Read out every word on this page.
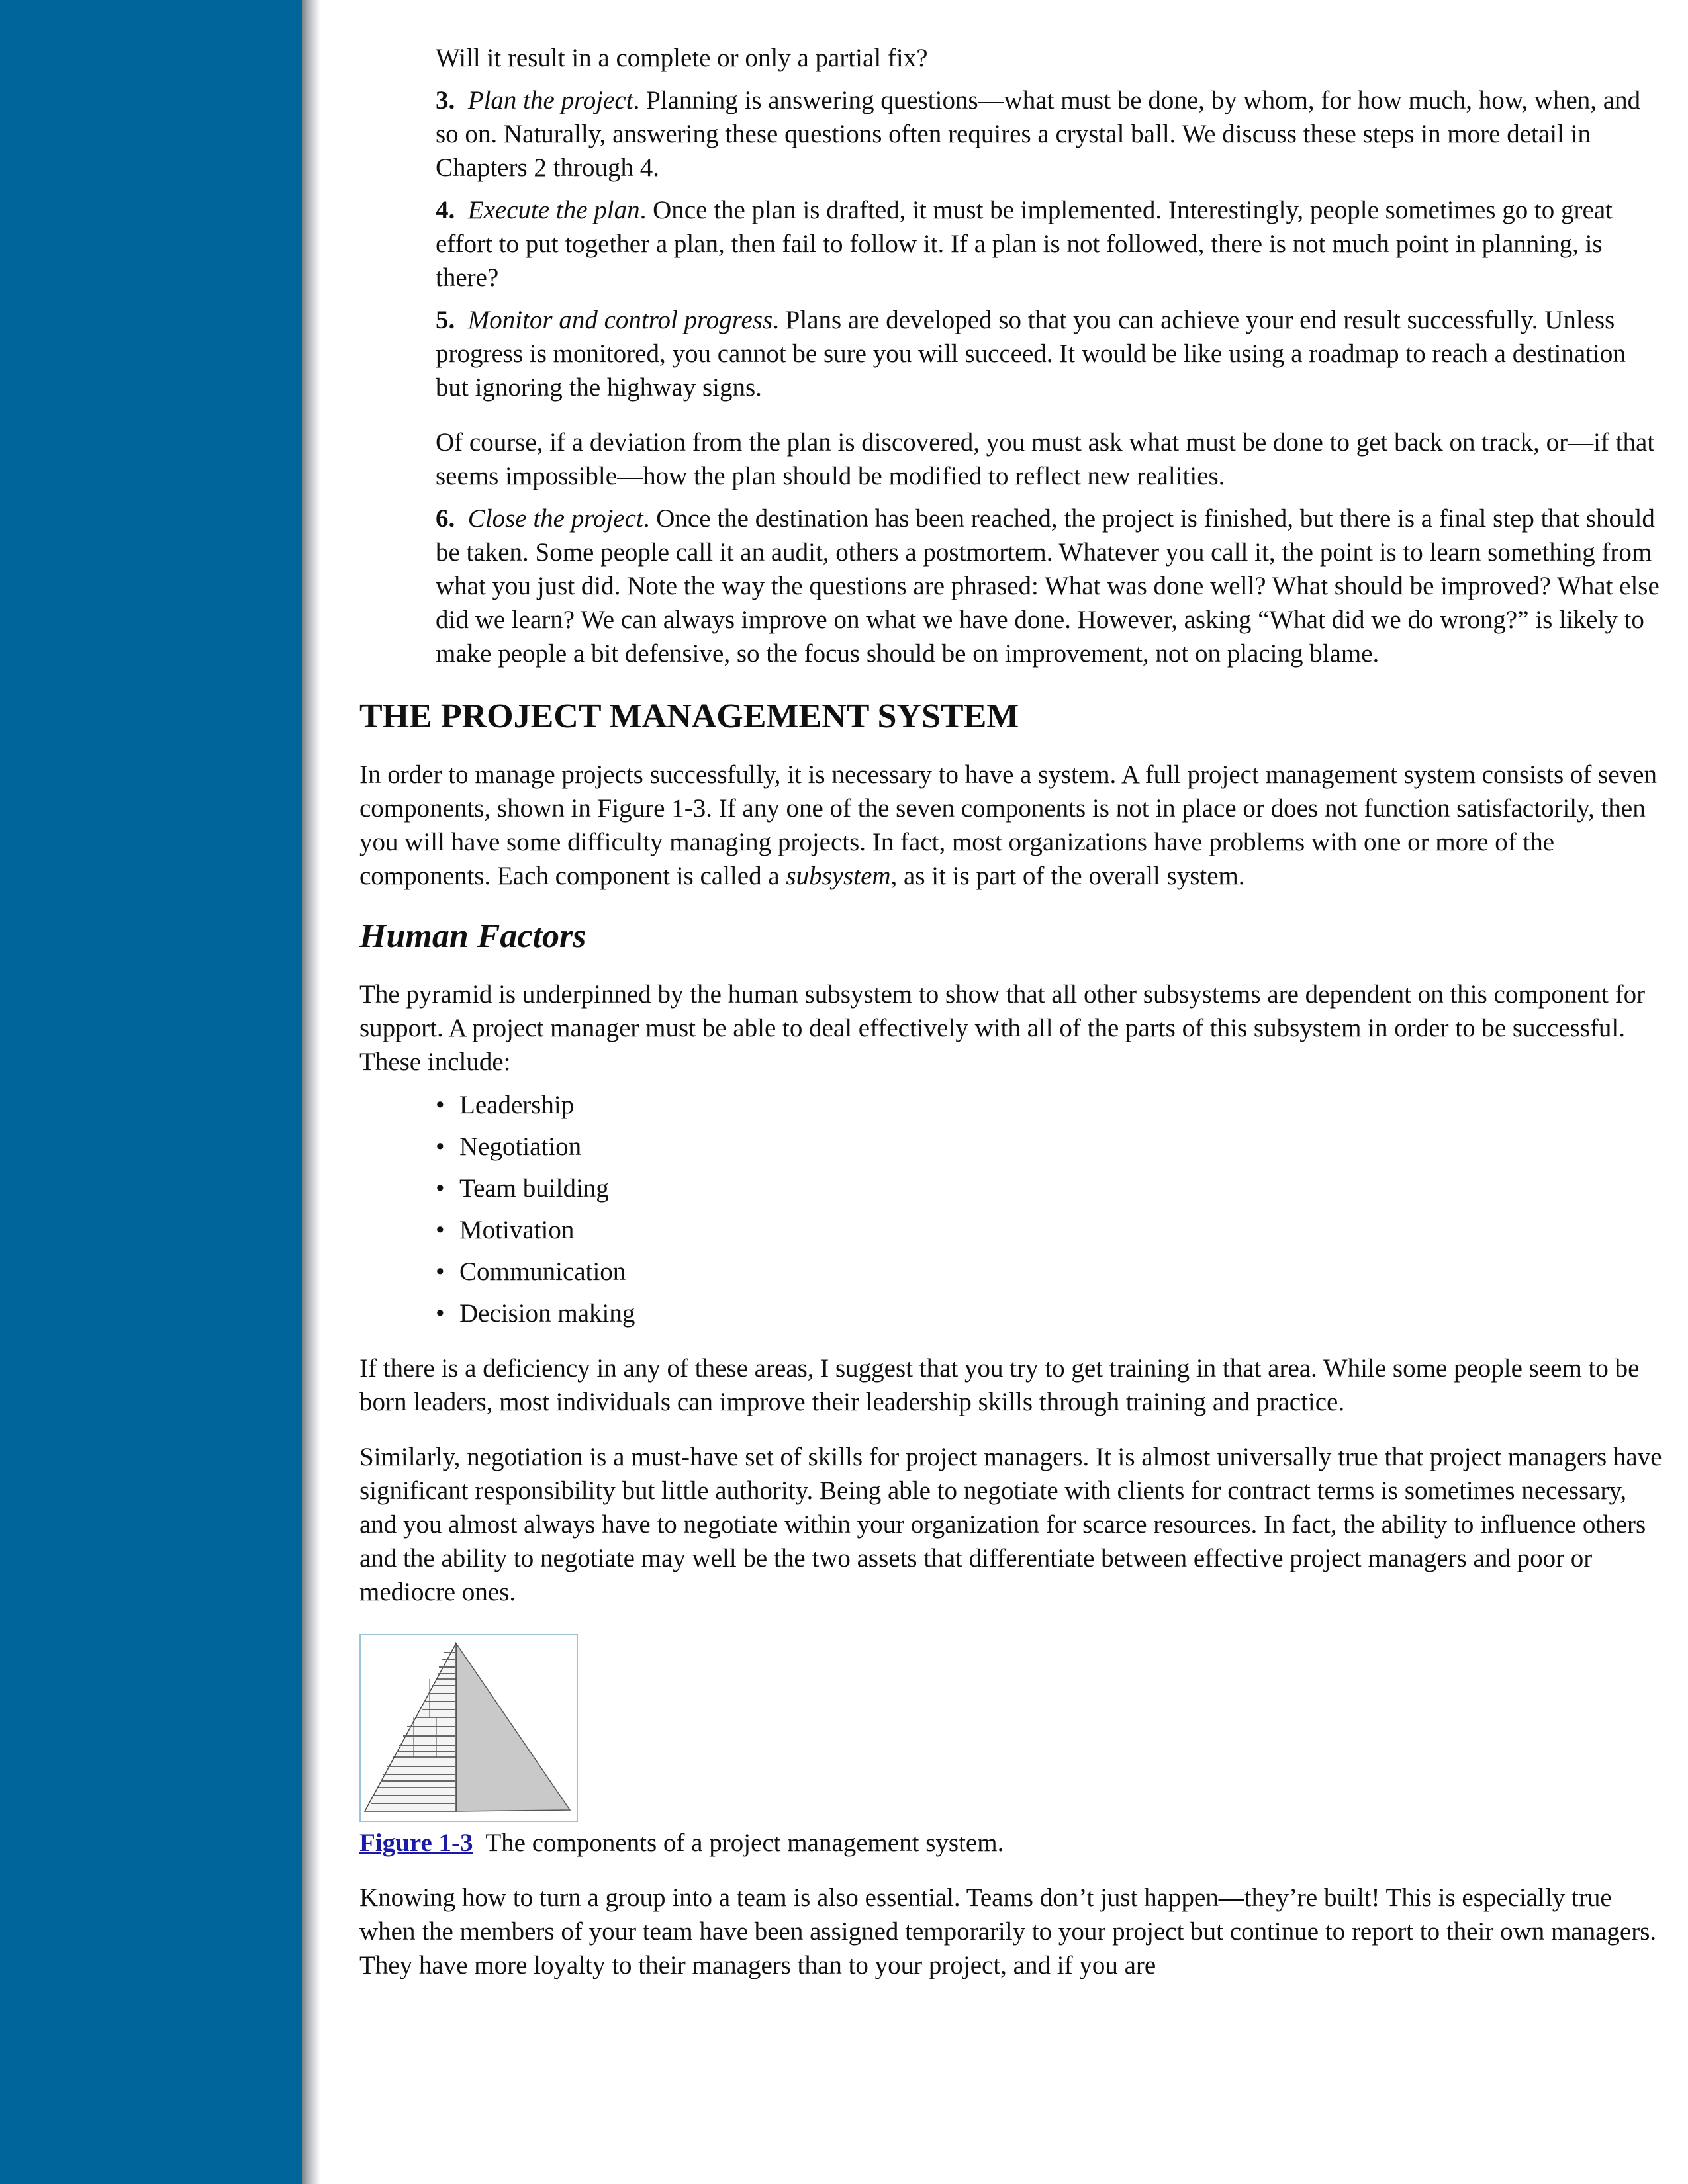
Will it result in a complete or only a partial fix?

3. Plan the project. Planning is answering questions—what must be done, by whom, for how much, how, when, and so on. Naturally, answering these questions often requires a crystal ball. We discuss these steps in more detail in Chapters 2 through 4.

4. Execute the plan. Once the plan is drafted, it must be implemented. Interestingly, people sometimes go to great effort to put together a plan, then fail to follow it. If a plan is not followed, there is not much point in planning, is there?

5. Monitor and control progress. Plans are developed so that you can achieve your end result successfully. Unless progress is monitored, you cannot be sure you will succeed. It would be like using a roadmap to reach a destination but ignoring the highway signs.

Of course, if a deviation from the plan is discovered, you must ask what must be done to get back on track, or—if that seems impossible—how the plan should be modified to reflect new realities.

6. Close the project. Once the destination has been reached, the project is finished, but there is a final step that should be taken. Some people call it an audit, others a postmortem. Whatever you call it, the point is to learn something from what you just did. Note the way the questions are phrased: What was done well? What should be improved? What else did we learn? We can always improve on what we have done. However, asking “What did we do wrong?” is likely to make people a bit defensive, so the focus should be on improvement, not on placing blame.

THE PROJECT MANAGEMENT SYSTEM

In order to manage projects successfully, it is necessary to have a system. A full project management system consists of seven components, shown in Figure 1-3. If any one of the seven components is not in place or does not function satisfactorily, then you will have some difficulty managing projects. In fact, most organizations have problems with one or more of the components. Each component is called a subsystem, as it is part of the overall system.

Human Factors

The pyramid is underpinned by the human subsystem to show that all other subsystems are dependent on this component for support. A project manager must be able to deal effectively with all of the parts of this subsystem in order to be successful. These include:

• Leadership
• Negotiation
• Team building
• Motivation
• Communication
• Decision making

If there is a deficiency in any of these areas, I suggest that you try to get training in that area. While some people seem to be born leaders, most individuals can improve their leadership skills through training and practice.

Similarly, negotiation is a must-have set of skills for project managers. It is almost universally true that project managers have significant responsibility but little authority. Being able to negotiate with clients for contract terms is sometimes necessary, and you almost always have to negotiate within your organization for scarce resources. In fact, the ability to influence others and the ability to negotiate may well be the two assets that differentiate between effective project managers and poor or mediocre ones.

Figure 1-3 The components of a project management system.

Knowing how to turn a group into a team is also essential. Teams don’t just happen—they’re built! This is especially true when the members of your team have been assigned temporarily to your project but continue to report to their own managers. They have more loyalty to their managers than to your project, and if you are
